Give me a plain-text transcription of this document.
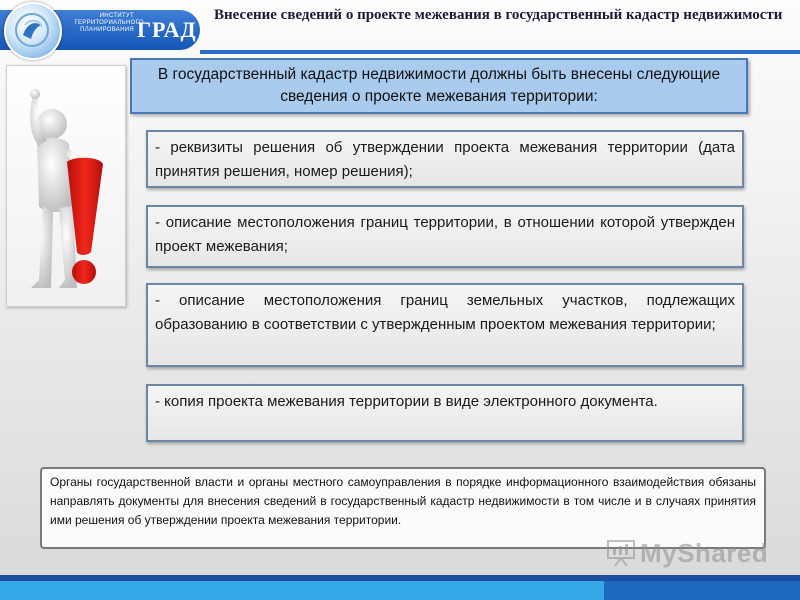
ИНСТИТУТ ТЕРРИТОРИАЛЬНОГО ПЛАНИРОВАНИЯ ГРАД
Внесение сведений о проекте межевания в государственный кадастр недвижимости
В государственный кадастр недвижимости должны быть внесены следующие сведения о проекте межевания территории:
- реквизиты решения об утверждении проекта межевания территории (дата принятия решения, номер решения);
- описание местоположения границ территории, в отношении которой утвержден проект межевания;
- описание местоположения границ земельных участков, подлежащих образованию в соответствии с утвержденным проектом межевания территории;
- копия проекта межевания территории в виде электронного документа.
Органы государственной власти и органы местного самоуправления в порядке информационного взаимодействия обязаны направлять документы для внесения сведений в государственный кадастр недвижимости в том числе и в случаях принятия ими решения об утверждении проекта межевания территории.
MyShared
